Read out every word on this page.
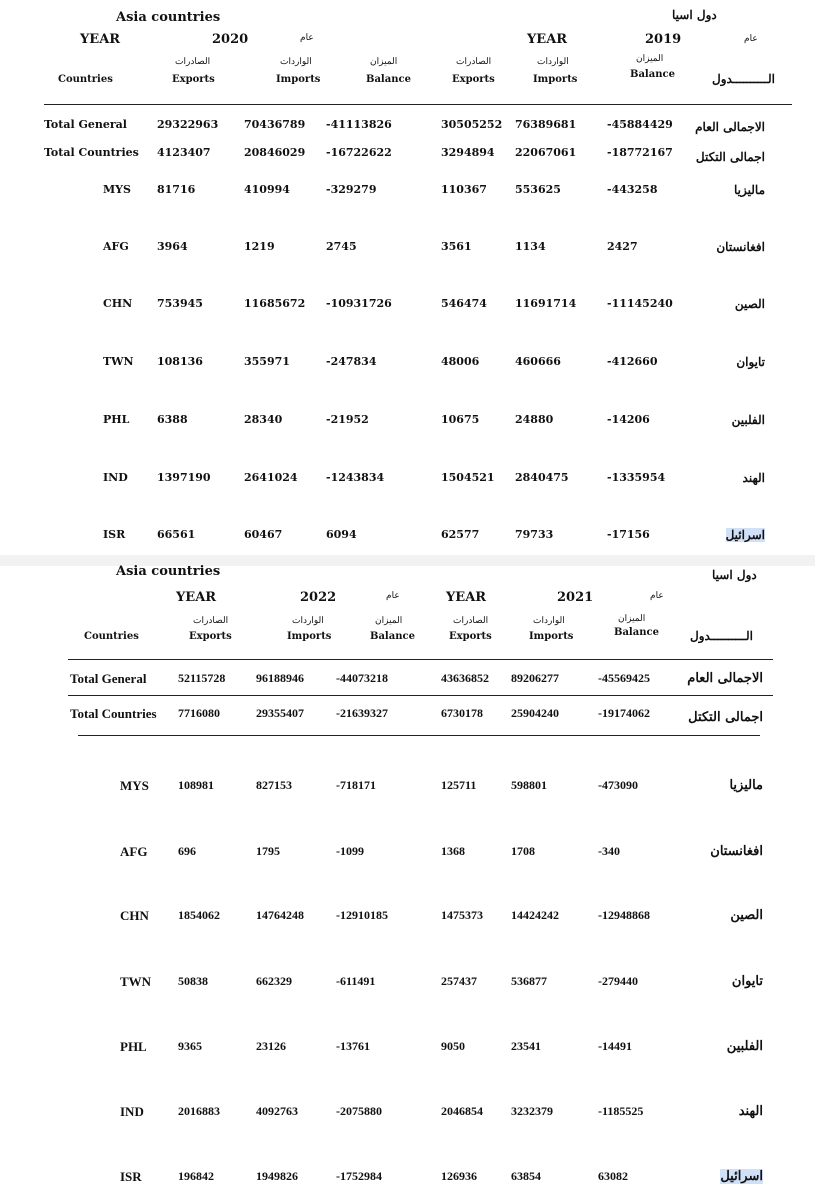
Asia countries	دول اسيا
YEAR	2020	عام	YEAR	2019	عام
الصادرات
Exports
الواردات
Imports
الميزان
Balance
Countries
الصادرات
Exports
الواردات
Imports
الميزان
Balance	الــــــــــدول
Total General	29322963 70436789 -41113826	30505252 76389681	-45884429 الاجمالى العام
Total Countries 4123407	20846029 -16722622	3294894 22067061	-18772167 اجمالى التكتل
MYS 81716	410994	-329279	110367	553625	-443258	ماليزيا
AFG	3964	1219	2745	3561	1134	2427	افغانستان
CHN 753945	11685672 -10931726	546474	11691714	-11145240	الصين
TWN 108136	355971	-247834	48006	460666	-412660	تايوان
PHL	6388	28340	-21952	10675	24880	-14206	الفلبين
IND	1397190	2641024	-1243834	1504521 2840475	-1335954	الهند
ISR	66561	60467	6094	62577	79733	-17156	اسرائيل
Asia countries	دول اسيا
YEAR	2022	عام	YEAR	2021	عام
الصادرات
Exports
الواردات
Imports
الميزان
Balance
Countries
الصادرات
Exports
الواردات
Imports
الميزان
Balance	الــــــــــدول
Total General	52115728	96188946	-44073218	43636852 89206277	-45569425	الاجمالى العام
Total Countries 7716080	29355407	-21639327	6730178 25904240	-19174062	اجمالى التكتل
MYS 108981	827153	-718171	125711	598801	-473090	ماليزيا
AFG	696	1795	-1099	1368	1708	-340	افغانستان
CHN 1854062	14764248	-12910185	1475373 14424242	-12948868	الصين
TWN 50838	662329	-611491	257437	536877	-279440	تايوان
PHL	9365	23126	-13761	9050	23541	-14491	الفلبين
IND	2016883	4092763	-2075880	2046854 3232379	-1185525	الهند
ISR	196842	1949826	-1752984	126936	63854	63082	اسرائيل
